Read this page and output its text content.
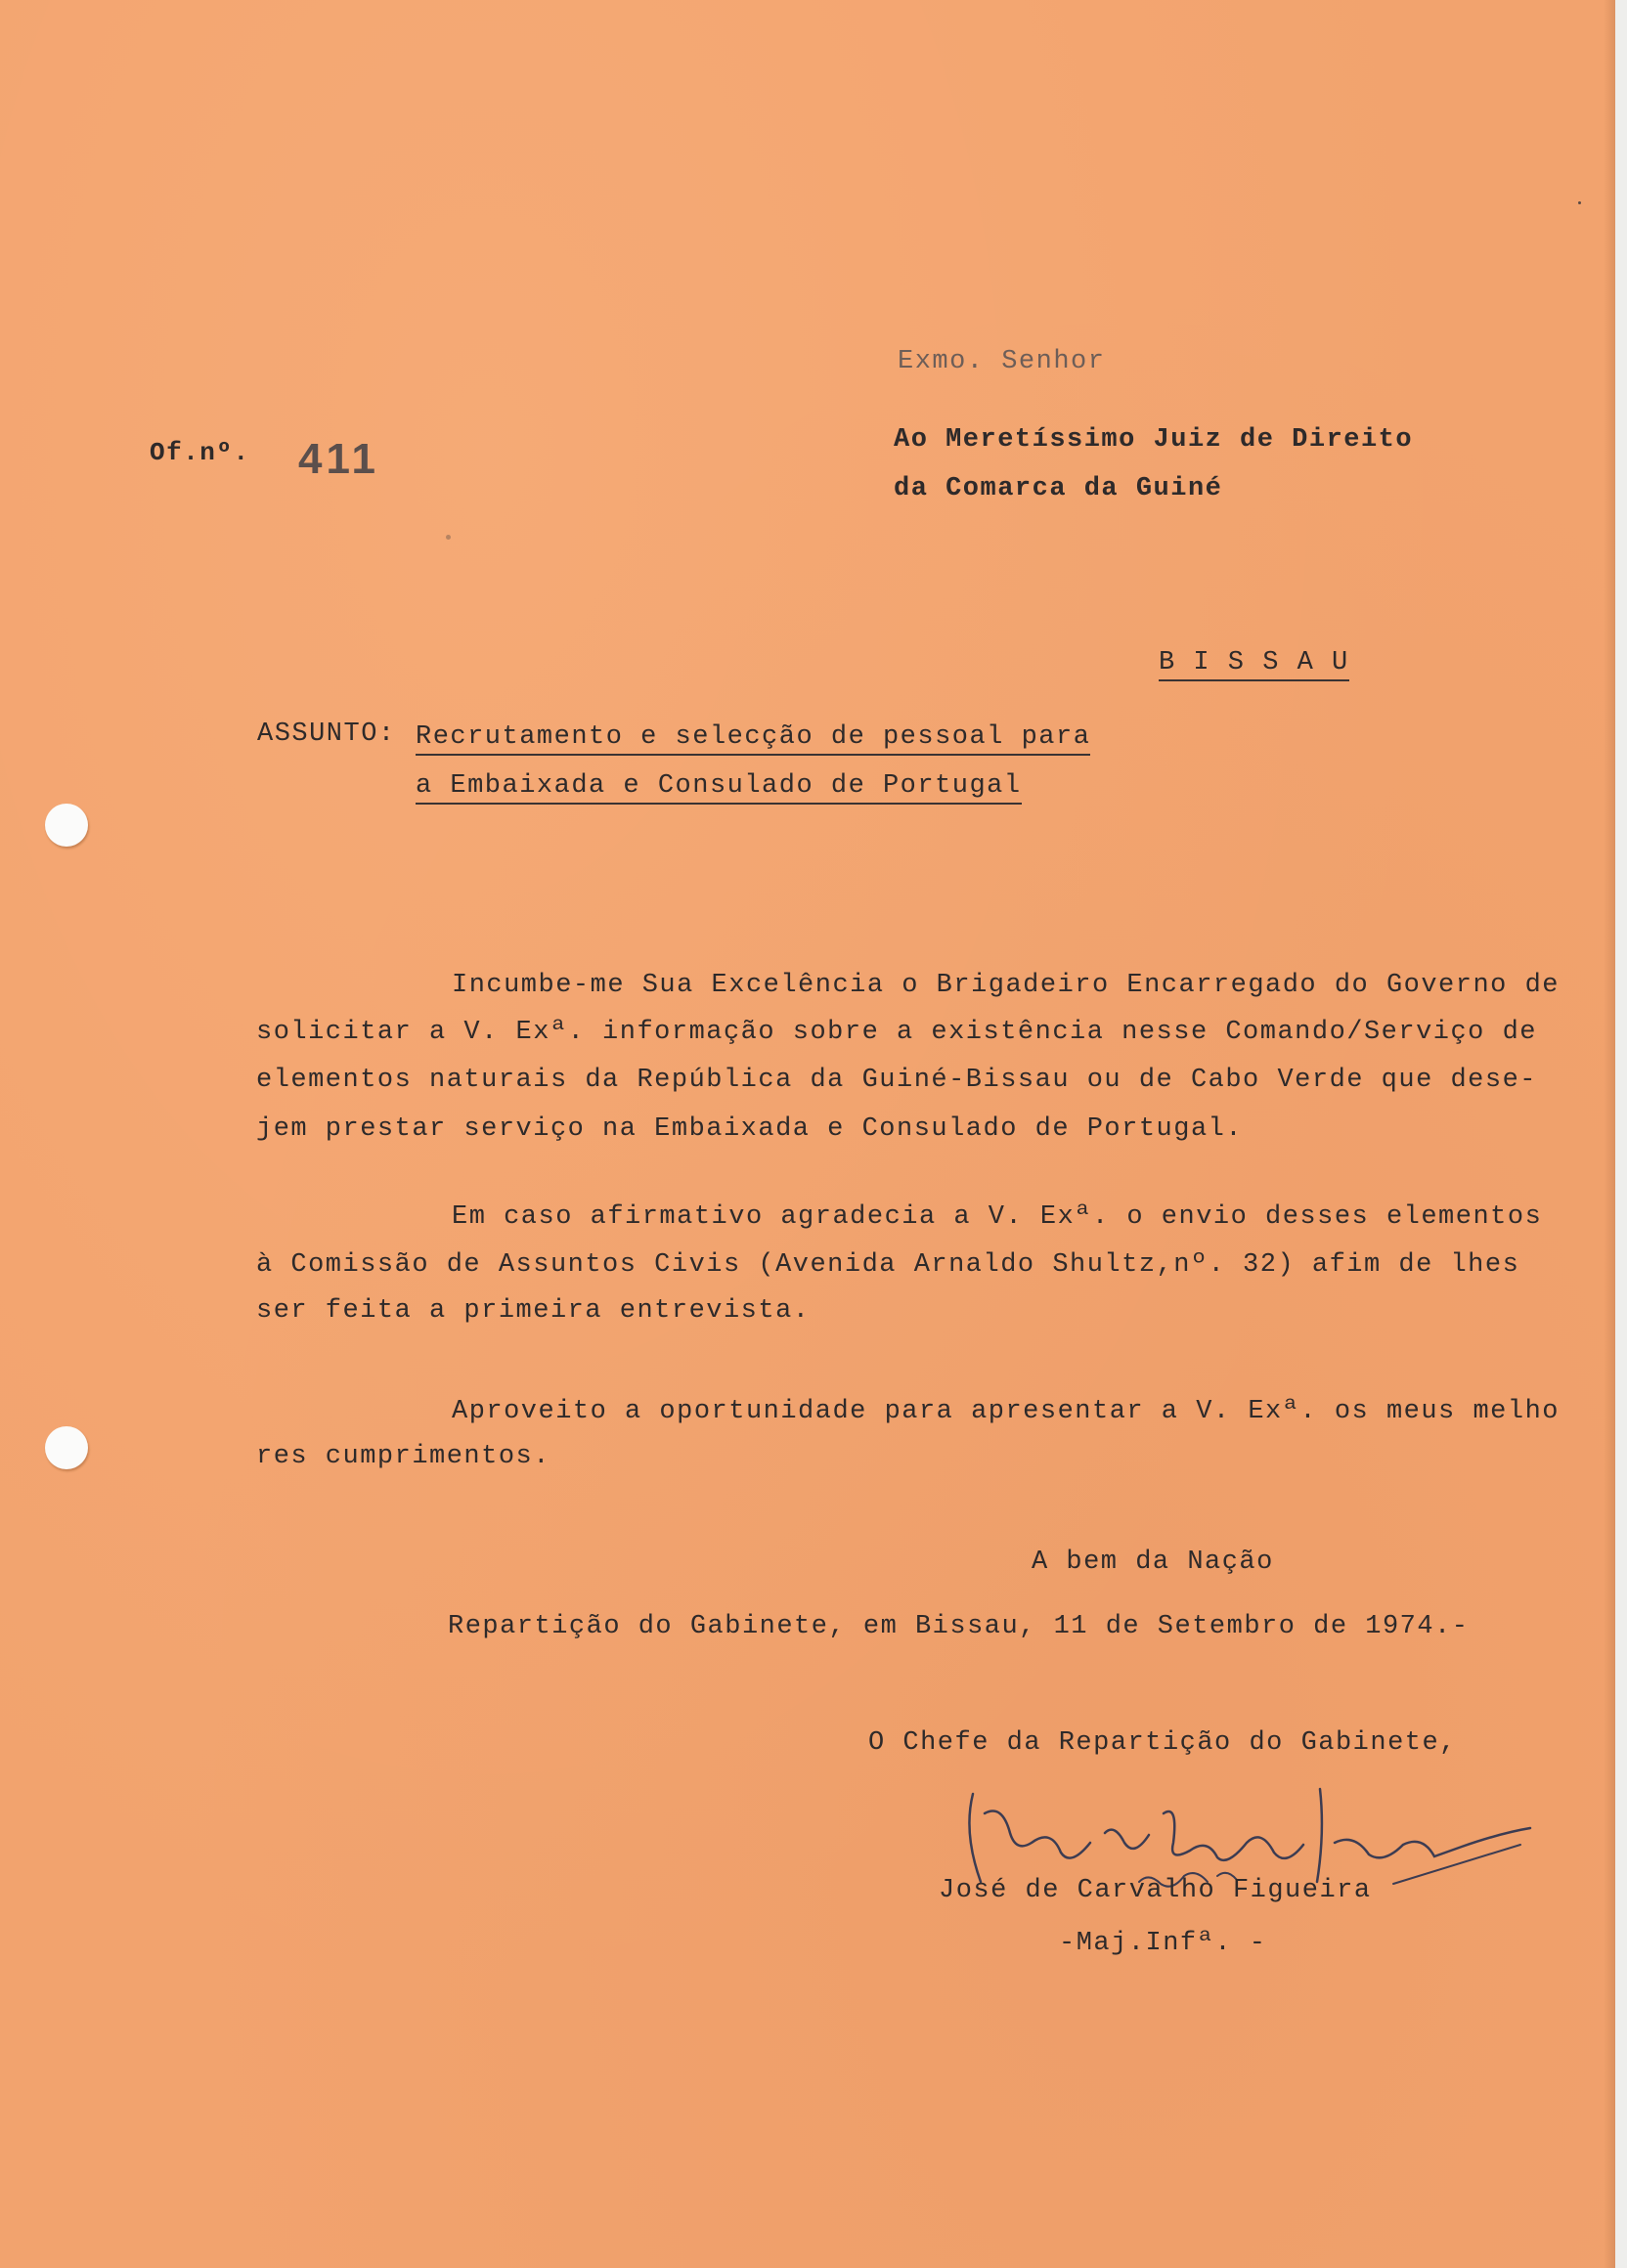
Exmo. Senhor
Of.nº. 411	Ao Meretíssimo Juiz de Direito
da Comarca da Guiné
B I S S A U
ASSUNTO: Recrutamento e selecção de pessoal para
a Embaixada e Consulado de Portugal
Incumbe-me Sua Excelência o Brigadeiro Encarregado do Governo de
solicitar a V. Exª. informação sobre a existência nesse Comando/Serviço de
elementos naturais da República da Guiné-Bissau ou de Cabo Verde que dese-
jem prestar serviço na Embaixada e Consulado de Portugal.
Em caso afirmativo agradecia a V. Exª. o envio desses elementos
à Comissão de Assuntos Civis (Avenida Arnaldo Shultz,nº. 32) afim de lhes
ser feita a primeira entrevista.
Aproveito a oportunidade para apresentar a V. Exª. os meus melho
res cumprimentos.
A bem da Nação
Repartição do Gabinete, em Bissau, 11 de Setembro de 1974.-
O Chefe da Repartição do Gabinete,
José de Carvalho Figueira
-Maj.Infª. -
